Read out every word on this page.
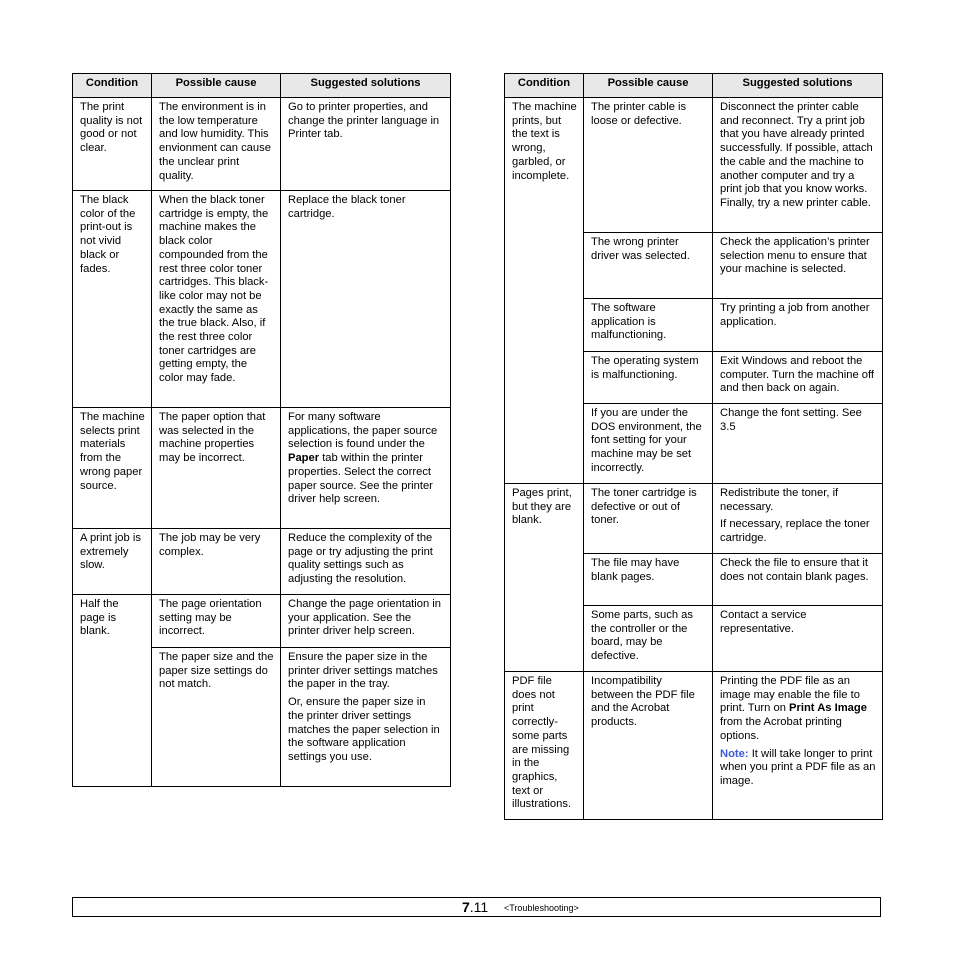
Condition	Possible cause	Suggested solutions
The print quality is not good or not clear.	The environment is in the low temperature and low humidity. This envionment can cause the unclear print quality.	Go to printer properties, and change the printer language in Printer tab.
The black color of the print-out is not vivid black or fades.	When the black toner cartridge is empty, the machine makes the black color compounded from the rest three color toner cartridges. This black-like color may not be exactly the same as the true black. Also, if the rest three color toner cartridges are getting empty, the color may fade.	Replace the black toner cartridge.
The machine selects print materials from the wrong paper source.	The paper option that was selected in the machine properties may be incorrect.	For many software applications, the paper source selection is found under the Paper tab within the printer properties. Select the correct paper source. See the printer driver help screen.
A print job is extremely slow.	The job may be very complex.	Reduce the complexity of the page or try adjusting the print quality settings such as adjusting the resolution.
Half the page is blank.	The page orientation setting may be incorrect.	Change the page orientation in your application. See the printer driver help screen.
	The paper size and the paper size settings do not match.	Ensure the paper size in the printer driver settings matches the paper in the tray.

Or, ensure the paper size in the printer driver settings matches the paper selection in the software application settings you use.

Condition	Possible cause	Suggested solutions
The machine prints, but the text is wrong, garbled, or incomplete.	The printer cable is loose or defective.	Disconnect the printer cable and reconnect. Try a print job that you have already printed successfully. If possible, attach the cable and the machine to another computer and try a print job that you know works. Finally, try a new printer cable.
	The wrong printer driver was selected.	Check the application’s printer selection menu to ensure that your machine is selected.
	The software application is malfunctioning.	Try printing a job from another application.
	The operating system is malfunctioning.	Exit Windows and reboot the computer. Turn the machine off and then back on again.
	If you are under the DOS environment, the font setting for your machine may be set incorrectly.	Change the font setting. See 3.5
Pages print, but they are blank.	The toner cartridge is defective or out of toner.	Redistribute the toner, if necessary.

If necessary, replace the toner cartridge.

	The file may have blank pages.	Check the file to ensure that it does not contain blank pages.
	Some parts, such as the controller or the board, may be defective.	Contact a service representative.
PDF file does not print correctly- some parts are missing in the graphics, text or illustrations.	Incompatibility between the PDF file and the Acrobat products.	Printing the PDF file as an image may enable the file to print. Turn on Print As Image from the Acrobat printing options.

Note: It will take longer to print when you print a PDF file as an image.

7.11 <Troubleshooting>
